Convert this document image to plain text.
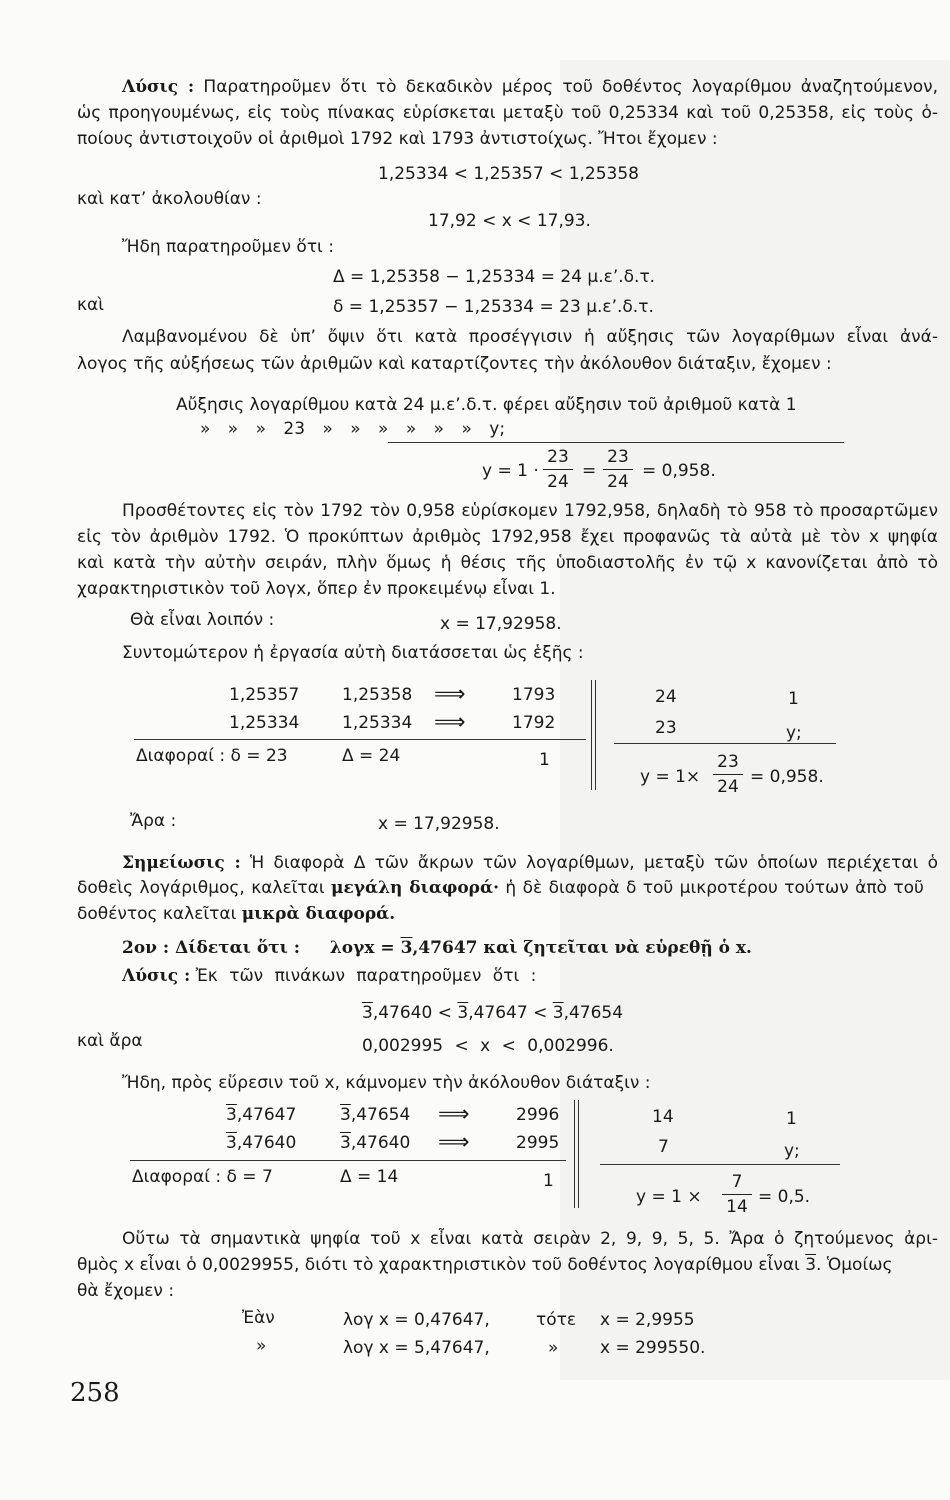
Λύσις : Παρατηροῦμεν ὅτι τὸ δεκαδικὸν μέρος τοῦ δοθέντος λογαρίθμου ἀναζητούμενον,
ὡς προηγουμένως, εἰς τοὺς πίνακας εὑρίσκεται μεταξὺ τοῦ 0,25334 καὶ τοῦ 0,25358, εἰς τοὺς ὁ-
ποίους ἀντιστοιχοῦν οἱ ἀριθμοὶ 1792 καὶ 1793 ἀντιστοίχως. Ἤτοι ἔχομεν :
1,25334 < 1,25357 < 1,25358
καὶ κατ’ ἀκολουθίαν :
17,92 < x < 17,93.
Ἤδη παρατηροῦμεν ὅτι :
Δ = 1,25358 − 1,25334 = 24 μ.ε’.δ.τ.
καὶ	δ = 1,25357 − 1,25334 = 23 μ.ε’.δ.τ.
Λαμβανομένου δὲ ὑπ’ ὄψιν ὅτι κατὰ προσέγγισιν ἡ αὔξησις τῶν λογαρίθμων εἶναι ἀνά-
λογος τῆς αὐξήσεως τῶν ἀριθμῶν καὶ καταρτίζοντες τὴν ἀκόλουθον διάταξιν, ἔχομεν :
Αὔξησις λογαρίθμου κατὰ 24 μ.ε’.δ.τ. φέρει αὔξησιν τοῦ ἀριθμοῦ κατὰ 1
» » » 23 » » » » » » y;
y = 1 ·
23
24
=
23
24
= 0,958.
Προσθέτοντες εἰς τὸν 1792 τὸν 0,958 εὑρίσκομεν 1792,958, δηλαδὴ τὸ 958 τὸ προσαρτῶμεν
εἰς τὸν ἀριθμὸν 1792. Ὁ προκύπτων ἀριθμὸς 1792,958 ἔχει προφανῶς τὰ αὐτὰ μὲ τὸν x ψηφία
καὶ κατὰ τὴν αὐτὴν σειράν, πλὴν ὅμως ἡ θέσις τῆς ὑποδιαστολῆς ἐν τῷ x κανονίζεται ἀπὸ τὸ
χαρακτηριστικὸν τοῦ λογx, ὅπερ ἐν προκειμένῳ εἶναι 1.
Θὰ εἶναι λοιπόν :	x = 17,92958.
Συντομώτερον ἡ ἐργασία αὐτὴ διατάσσεται ὡς ἑξῆς :
1,25357	1,25358 ⟹	1793
1,25334	1,25334 ⟹	1792
Διαφοραί : δ = 23	Δ = 24	1
24	1
23	y;
y = 1×
23
24 = 0,958.
Ἄρα :	x = 17,92958.
Σημείωσις : Ἡ διαφορὰ Δ τῶν ἄκρων τῶν λογαρίθμων, μεταξὺ τῶν ὁποίων περιέχεται ὁ
δοθεὶς λογάριθμος, καλεῖται μεγάλη διαφορά· ἡ δὲ διαφορὰ δ τοῦ μικροτέρου τούτων ἀπὸ τοῦ
δοθέντος καλεῖται μικρὰ διαφορά.
2ον : Δίδεται ὅτι : λογx = 3,47647 καὶ ζητεῖται νὰ εὑρεθῇ ὁ x.
Λύσις : Ἐκ τῶν πινάκων παρατηροῦμεν ὅτι :
3,47640 < 3,47647 < 3,47654
καὶ ἄρα	0,002995 < x < 0,002996.
Ἤδη, πρὸς εὕρεσιν τοῦ x, κάμνομεν τὴν ἀκόλουθον διάταξιν :
3,47647	3,47654 ⟹	2996
3,47640	3,47640 ⟹	2995
Διαφοραί : δ = 7	Δ = 14	1
14	1
7	y;
y = 1 ×
7
14 = 0,5.
Οὕτω τὰ σημαντικὰ ψηφία τοῦ x εἶναι κατὰ σειρὰν 2, 9, 9, 5, 5. Ἄρα ὁ ζητούμενος ἀρι-
θμὸς x εἶναι ὁ 0,0029955, διότι τὸ χαρακτηριστικὸν τοῦ δοθέντος λογαρίθμου εἶναι 3. Ὁμοίως
θὰ ἔχομεν :
Ἐὰν	λογ x = 0,47647,	τότε x = 2,9955
»	λογ x = 5,47647,	» x = 299550.
258
